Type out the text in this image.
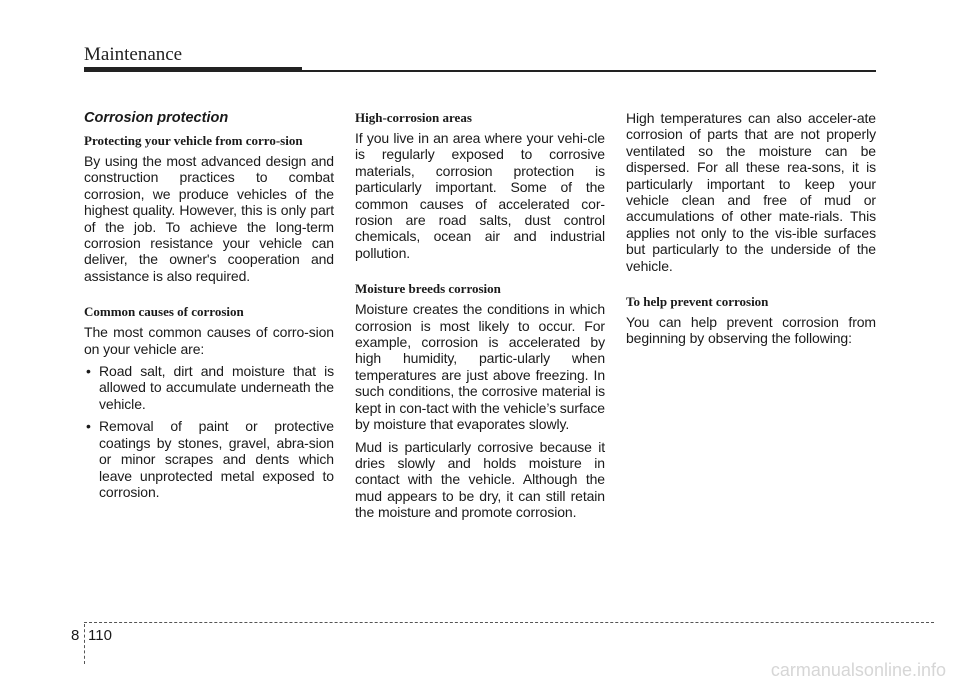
Maintenance
Corrosion protection
Protecting your vehicle from corro-sion

By using the most advanced design and construction practices to combat corrosion, we produce vehicles of the highest quality. However, this is only part of the job. To achieve the long-term corrosion resistance your vehicle can deliver, the owner's cooperation and assistance is also required.

Common causes of corrosion

The most common causes of corro-sion on your vehicle are:

• Road salt, dirt and moisture that is allowed to accumulate underneath the vehicle.
• Removal of paint or protective coatings by stones, gravel, abra-sion or minor scrapes and dents which leave unprotected metal exposed to corrosion.
High-corrosion areas

If you live in an area where your vehi-cle is regularly exposed to corrosive materials, corrosion protection is particularly important. Some of the common causes of accelerated cor-rosion are road salts, dust control chemicals, ocean air and industrial pollution.

Moisture breeds corrosion

Moisture creates the conditions in which corrosion is most likely to occur. For example, corrosion is accelerated by high humidity, partic-ularly when temperatures are just above freezing. In such conditions, the corrosive material is kept in con-tact with the vehicle’s surface by moisture that evaporates slowly.

Mud is particularly corrosive because it dries slowly and holds moisture in contact with the vehicle. Although the mud appears to be dry, it can still retain the moisture and promote corrosion.

High temperatures can also acceler-ate corrosion of parts that are not properly ventilated so the moisture can be dispersed. For all these rea-sons, it is particularly important to keep your vehicle clean and free of mud or accumulations of other mate-rials. This applies not only to the vis-ible surfaces but particularly to the underside of the vehicle.

To help prevent corrosion

You can help prevent corrosion from beginning by observing the following:

8 110
carmanualsonline.info
